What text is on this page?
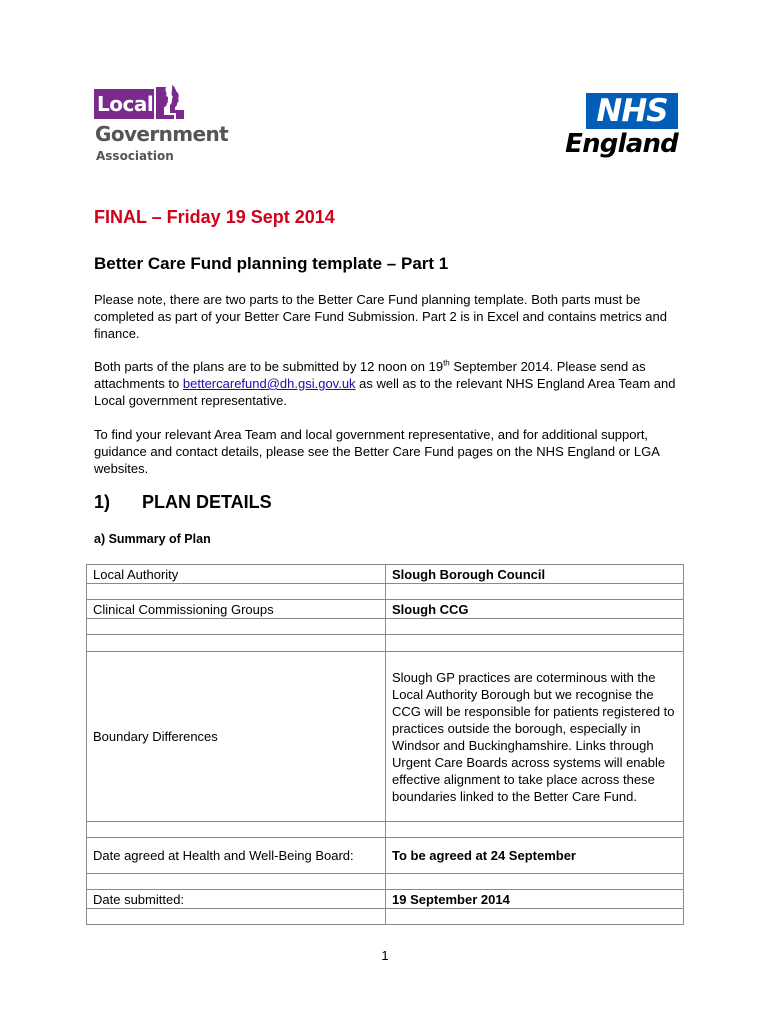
Local
Government
Association
NHS
England
FINAL – Friday 19 Sept 2014
Better Care Fund planning template – Part 1
Please note, there are two parts to the Better Care Fund planning template. Both parts must be completed as part of your Better Care Fund Submission. Part 2 is in Excel and contains metrics and finance.
Both parts of the plans are to be submitted by 12 noon on 19th September 2014. Please send as attachments to bettercarefund@dh.gsi.gov.uk as well as to the relevant NHS England Area Team and Local government representative.
To find your relevant Area Team and local government representative, and for additional support, guidance and contact details, please see the Better Care Fund pages on the NHS England or LGA websites.
1) PLAN DETAILS
a) Summary of Plan
Local Authority	Slough Borough Council

Clinical Commissioning Groups	Slough CCG

Boundary Differences	Slough GP practices are coterminous with the Local Authority Borough but we recognise the CCG will be responsible for patients registered to practices outside the borough, especially in Windsor and Buckinghamshire. Links through Urgent Care Boards across systems will enable effective alignment to take place across these boundaries linked to the Better Care Fund.

Date agreed at Health and Well-Being Board:	To be agreed at 24 September

Date submitted:	19 September 2014

1
